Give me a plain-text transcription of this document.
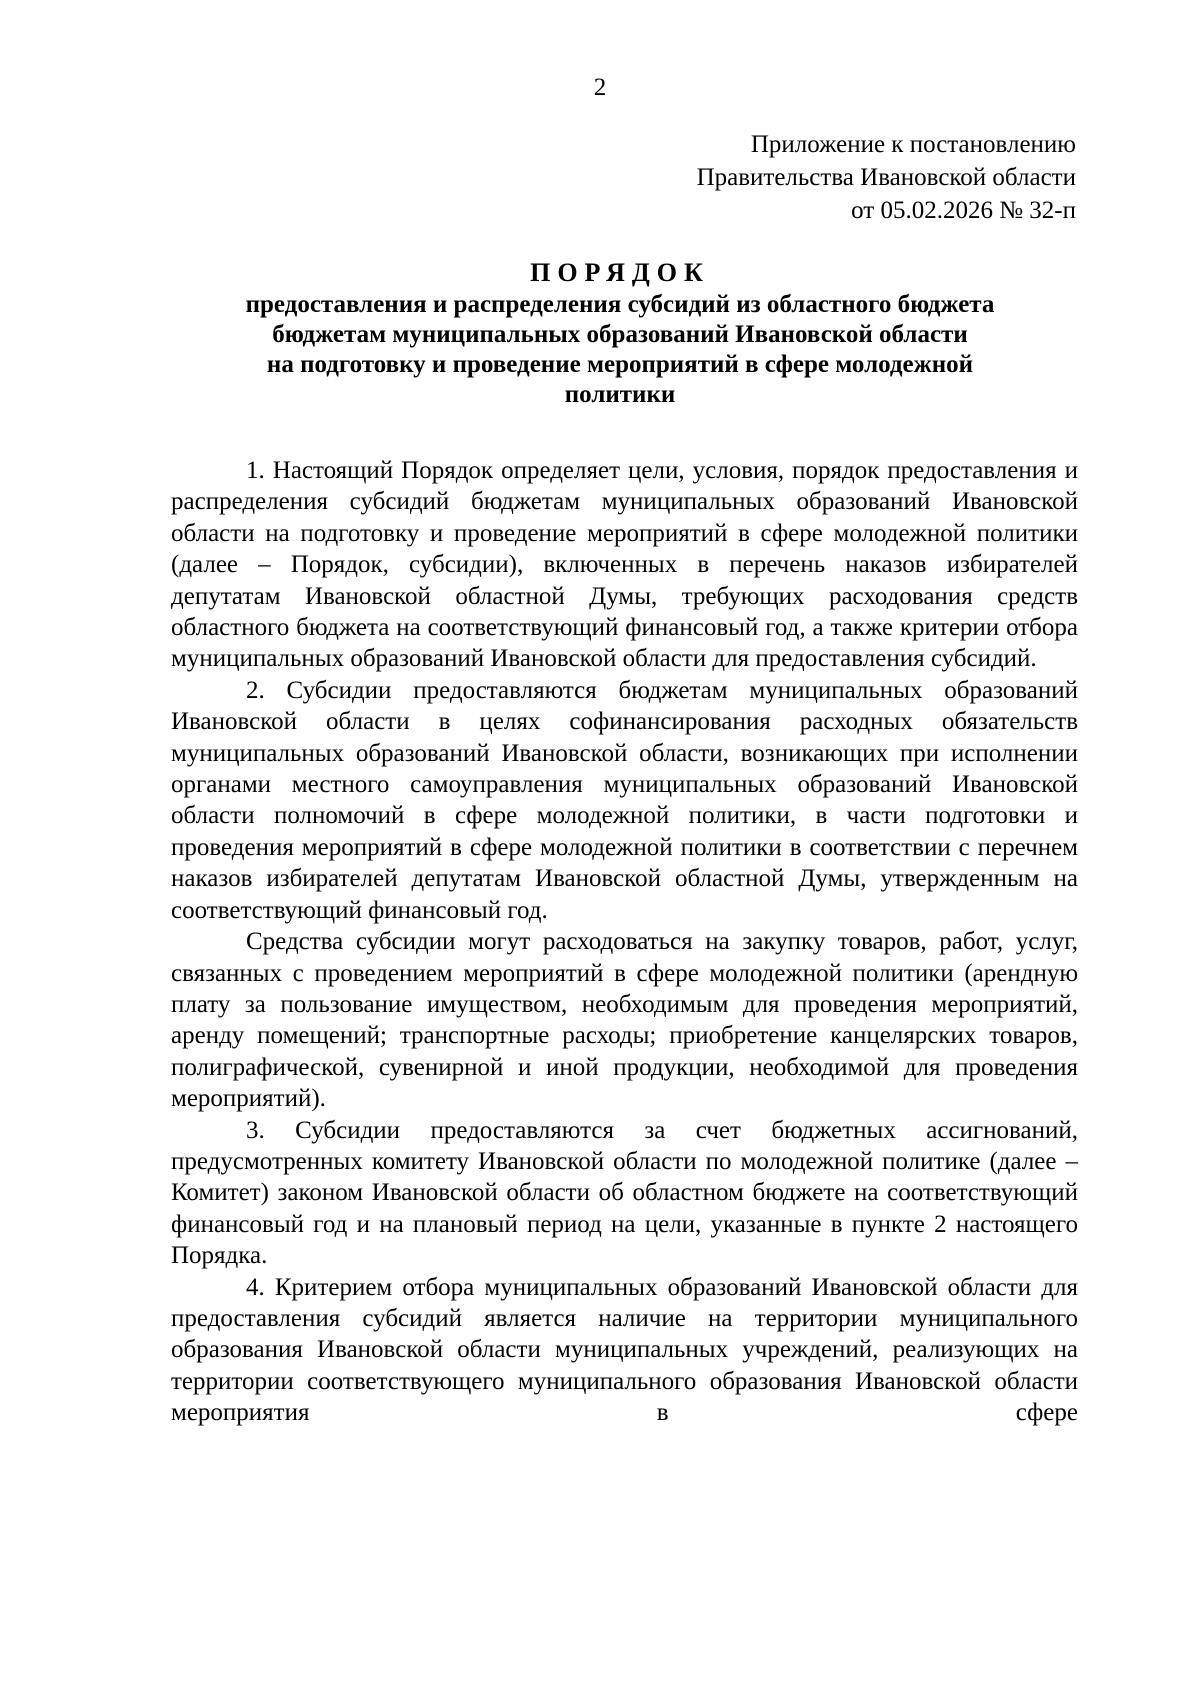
2
Приложение к постановлению
Правительства Ивановской области
от 05.02.2026 № 32-п
ПОРЯДОК
предоставления и распределения субсидий из областного бюджета
бюджетам муниципальных образований Ивановской области
на подготовку и проведение мероприятий в сфере молодежной
политики

1. Настоящий Порядок определяет цели, условия, порядок предоставления и распределения субсидий бюджетам муниципальных образований Ивановской области на подготовку и проведение мероприятий в сфере молодежной политики (далее – Порядок, субсидии), включенных в перечень наказов избирателей депутатам Ивановской областной Думы, требующих расходования средств областного бюджета на соответствующий финансовый год, а также критерии отбора муниципальных образований Ивановской области для предоставления субсидий.

2. Субсидии предоставляются бюджетам муниципальных образований Ивановской области в целях софинансирования расходных обязательств муниципальных образований Ивановской области, возникающих при исполнении органами местного самоуправления муниципальных образований Ивановской области полномочий в сфере молодежной политики, в части подготовки и проведения мероприятий в сфере молодежной политики в соответствии с перечнем наказов избирателей депутатам Ивановской областной Думы, утвержденным на соответствующий финансовый год.

Средства субсидии могут расходоваться на закупку товаров, работ, услуг, связанных с проведением мероприятий в сфере молодежной политики (арендную плату за пользование имуществом, необходимым для проведения мероприятий, аренду помещений; транспортные расходы; приобретение канцелярских товаров, полиграфической, сувенирной и иной продукции, необходимой для проведения мероприятий).

3. Субсидии предоставляются за счет бюджетных ассигнований, предусмотренных комитету Ивановской области по молодежной политике (далее – Комитет) законом Ивановской области об областном бюджете на соответствующий финансовый год и на плановый период на цели, указанные в пункте 2 настоящего Порядка.

4. Критерием отбора муниципальных образований Ивановской области для предоставления субсидий является наличие на территории муниципального образования Ивановской области муниципальных учреждений, реализующих на территории соответствующего муниципального образования Ивановской области мероприятия в сфере
